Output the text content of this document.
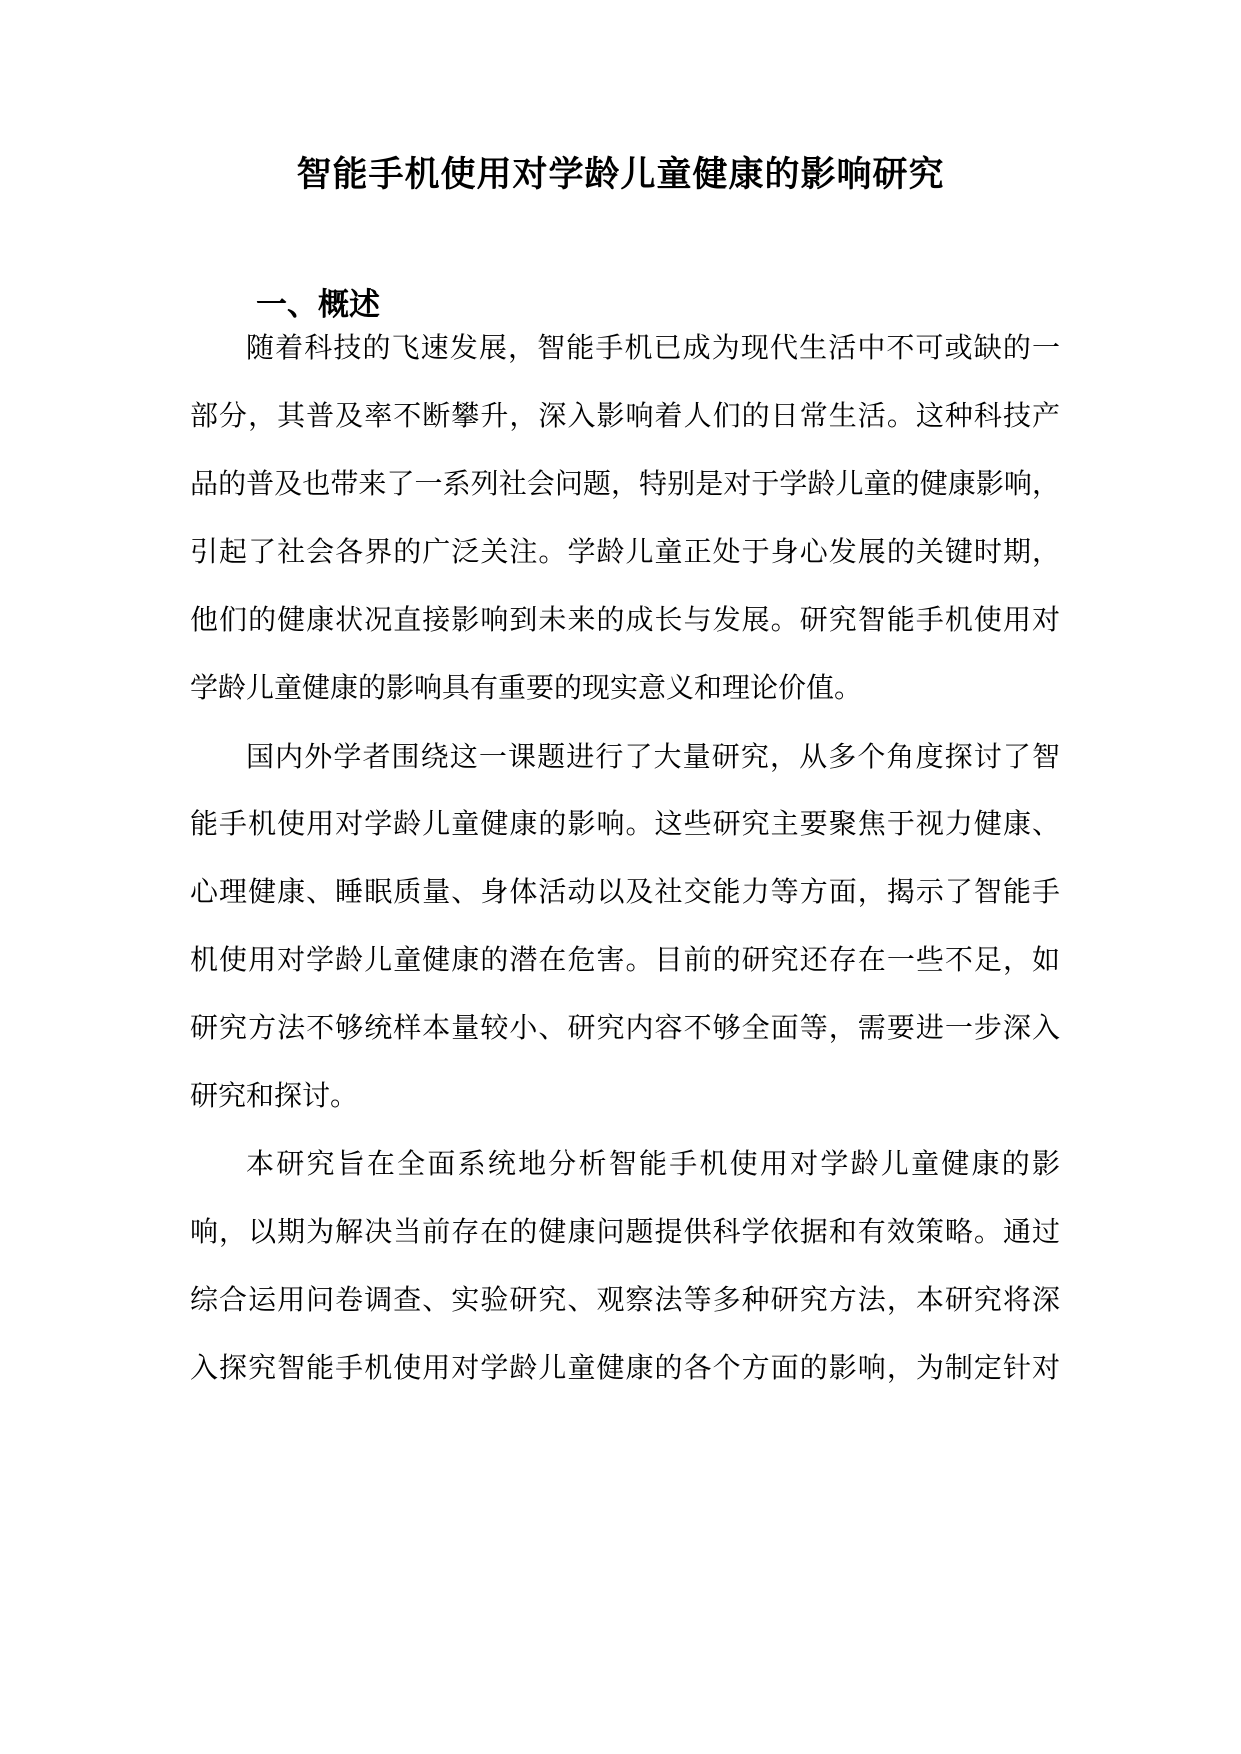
智能手机使用对学龄儿童健康的影响研究
一、概述
随着科技的飞速发展，智能手机已成为现代生活中不可或缺的一
部分，其普及率不断攀升，深入影响着人们的日常生活。这种科技产
品的普及也带来了一系列社会问题，特别是对于学龄儿童的健康影响，
引起了社会各界的广泛关注。学龄儿童正处于身心发展的关键时期，
他们的健康状况直接影响到未来的成长与发展。研究智能手机使用对
学龄儿童健康的影响具有重要的现实意义和理论价值。
国内外学者围绕这一课题进行了大量研究，从多个角度探讨了智
能手机使用对学龄儿童健康的影响。这些研究主要聚焦于视力健康、
心理健康、睡眠质量、身体活动以及社交能力等方面，揭示了智能手
机使用对学龄儿童健康的潜在危害。目前的研究还存在一些不足，如
研究方法不够统样本量较小、研究内容不够全面等，需要进一步深入
研究和探讨。
本研究旨在全面系统地分析智能手机使用对学龄儿童健康的影
响，以期为解决当前存在的健康问题提供科学依据和有效策略。通过
综合运用问卷调查、实验研究、观察法等多种研究方法，本研究将深
入探究智能手机使用对学龄儿童健康的各个方面的影响，为制定针对
